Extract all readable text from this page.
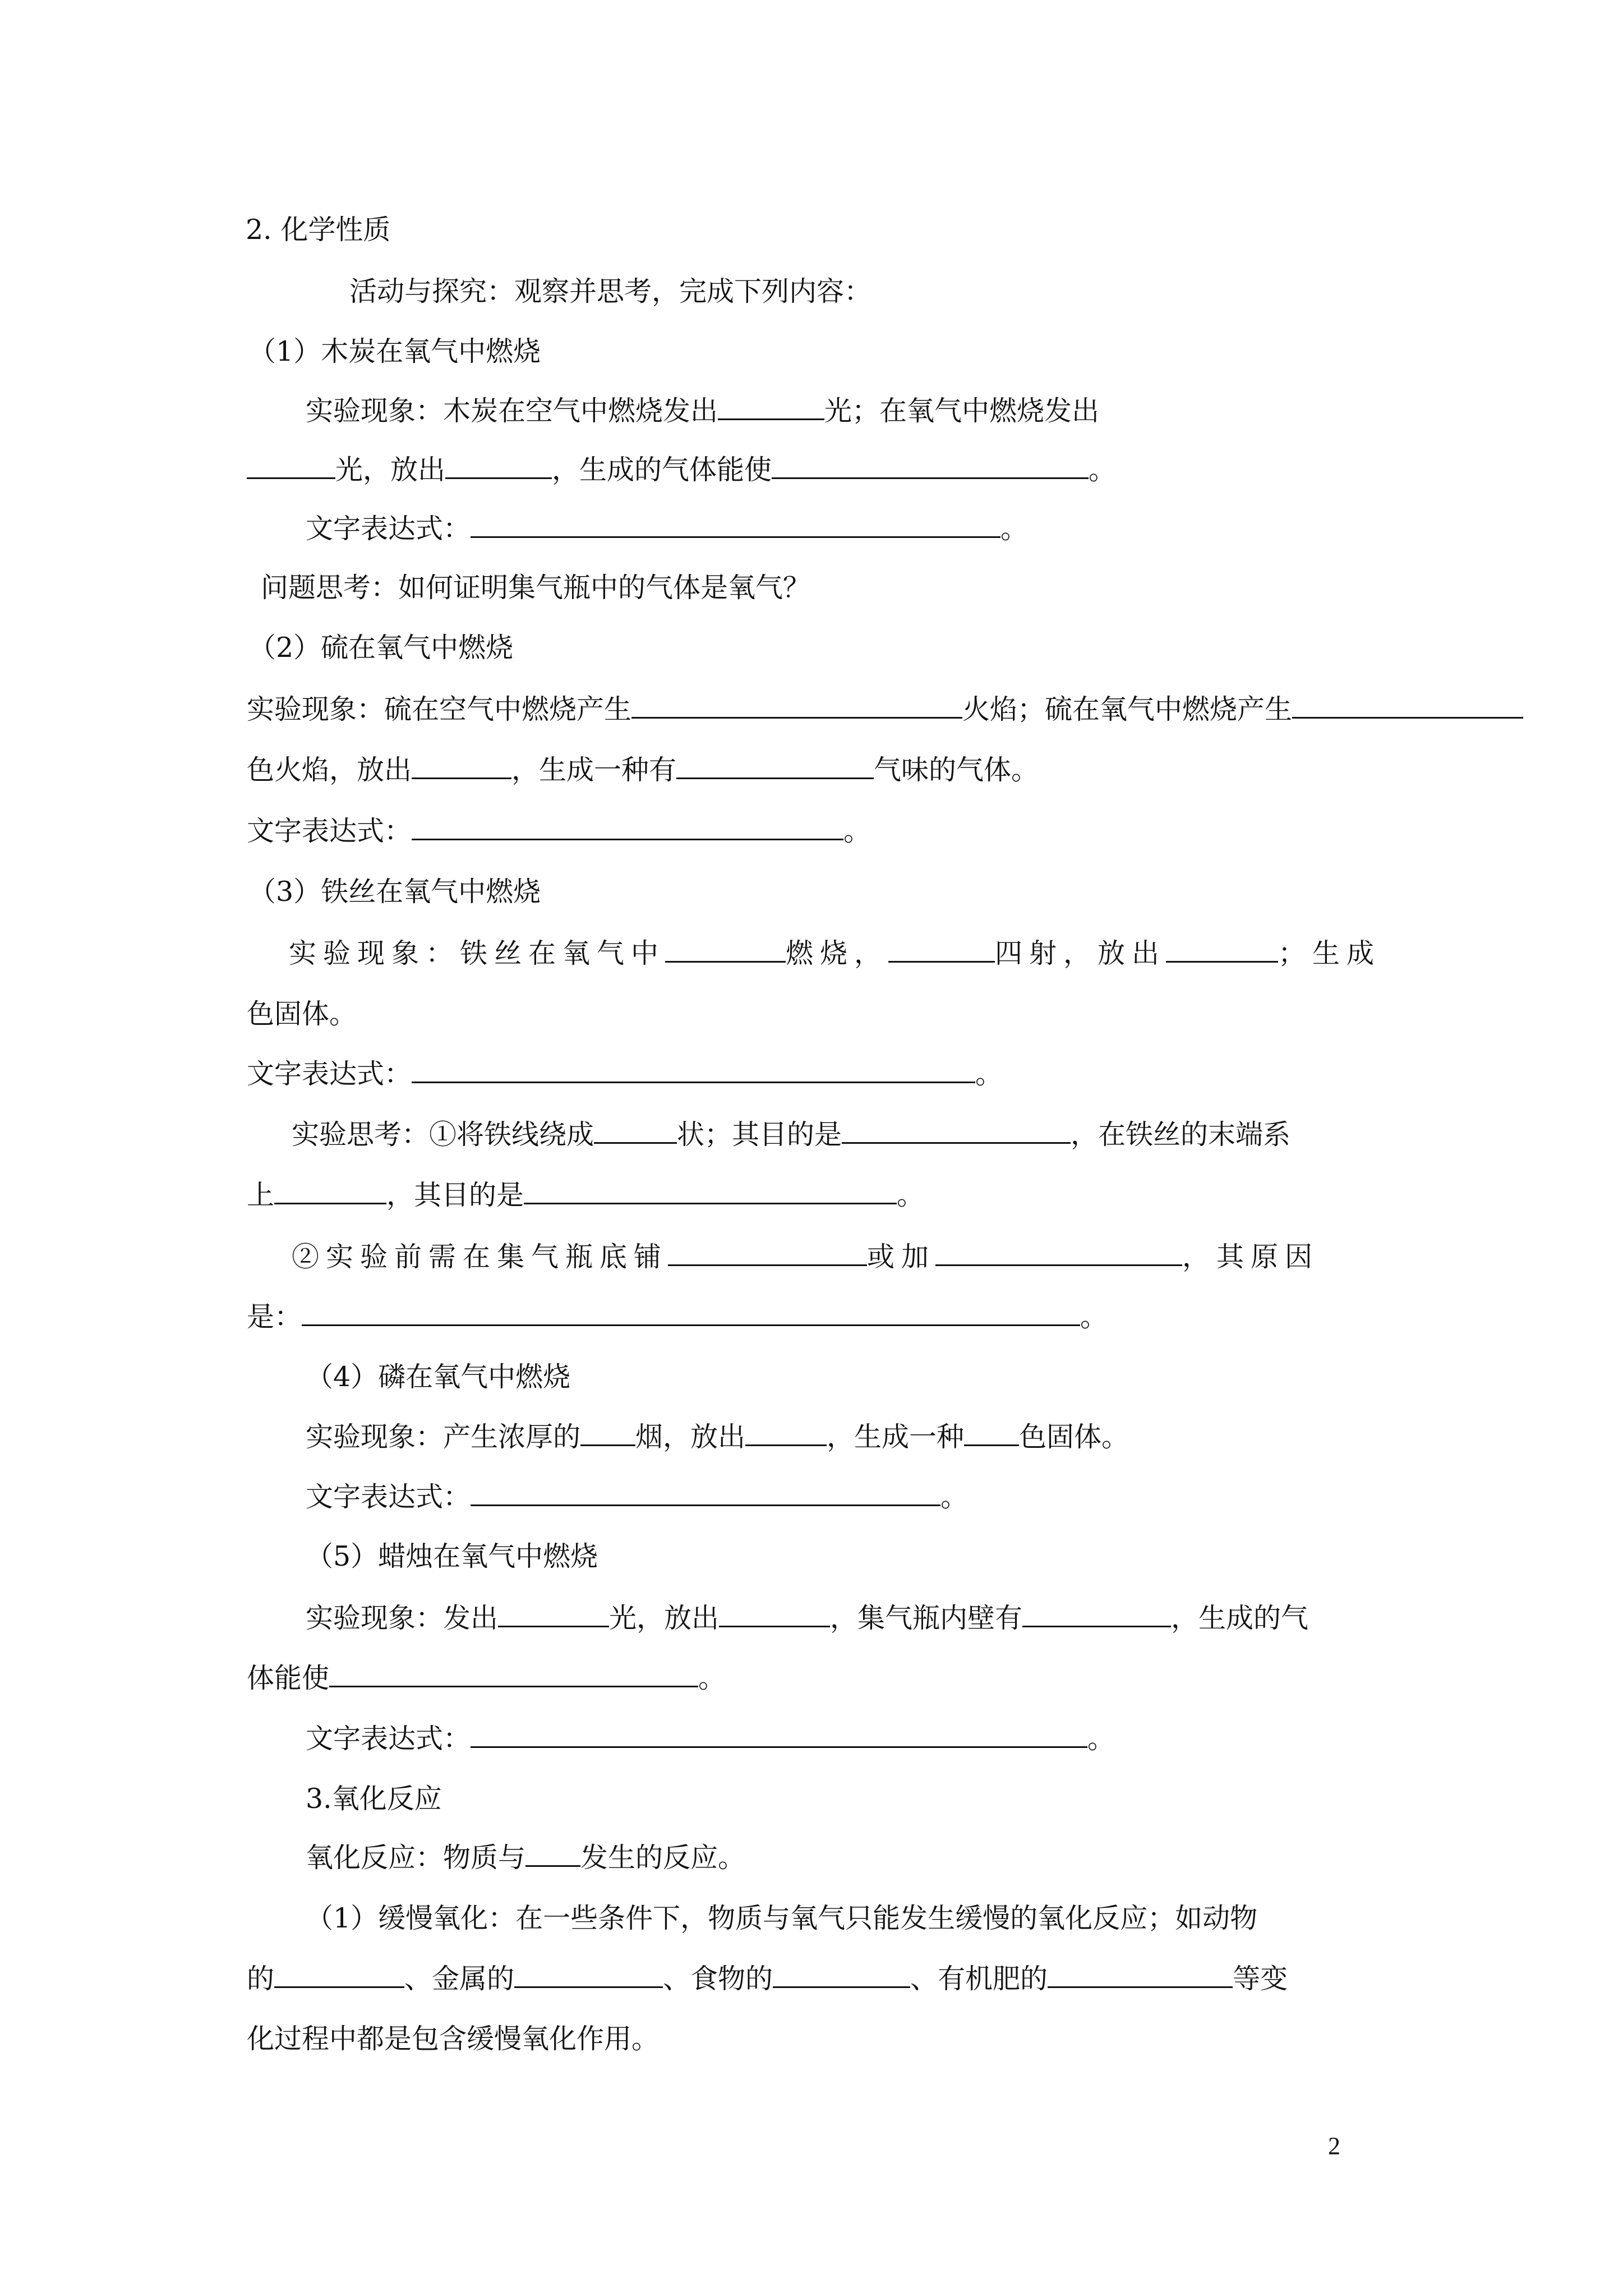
2. 化学性质

活动与探究：观察并思考，完成下列内容：

（1）木炭在氧气中燃烧

实验现象：木炭在空气中燃烧发出	光；在氧气中燃烧发出

光，放出	，生成的气体能使	。

文字表达式：	。

问题思考：如何证明集气瓶中的气体是氧气？

（2）硫在氧气中燃烧

实验现象：硫在空气中燃烧产生	火焰；硫在氧气中燃烧产生

色火焰，放出	，生成一种有	气味的气体。

文字表达式：	。

（3）铁丝在氧气中燃烧

实验现象：铁丝在氧气中	燃烧，	四射，放出	；生成

色固体。

文字表达式：	。

实验思考：①将铁线绕成	状；其目的是	，在铁丝的末端系

上	，其目的是	。

②实验前需在集气瓶底铺	或加	，其原因

是：	。

（4）磷在氧气中燃烧

实验现象：产生浓厚的 烟，放出	，生成一种 色固体。

文字表达式：	。

（5）蜡烛在氧气中燃烧

实验现象：发出	光，放出	，集气瓶内壁有	，生成的气

体能使	。

文字表达式：	。

3.氧化反应

氧化反应：物质与 发生的反应。

（1）缓慢氧化：在一些条件下，物质与氧气只能发生缓慢的氧化反应；如动物

的	、金属的	、食物的	、有机肥的	等变

化过程中都是包含缓慢氧化作用。

2
